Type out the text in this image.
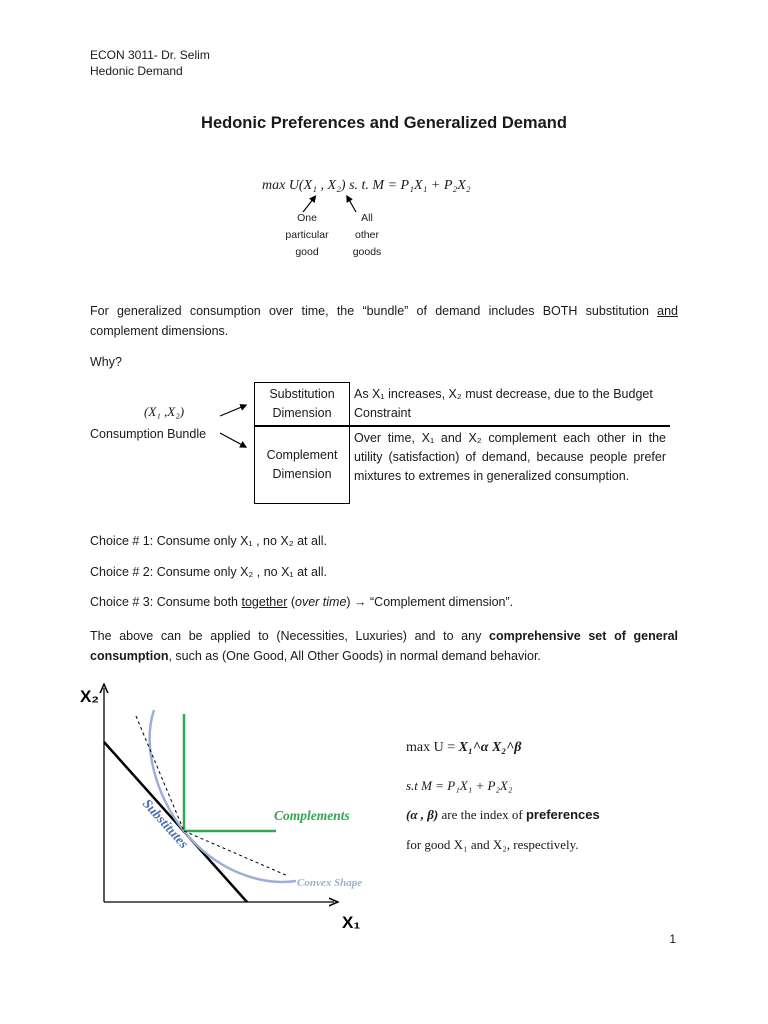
ECON 3011- Dr. Selim
Hedonic Demand
Hedonic Preferences and Generalized Demand
max U(X₁ , X₂) s. t. M = P₁X₁ + P₂X₂
One
particular
good
All
other
goods
For generalized consumption over time, the “bundle” of demand includes BOTH substitution and complement dimensions.
Why?
(X₁ ,X₂)
Consumption Bundle
Substitution Dimension	As X₁ increases, X₂ must decrease, due to the Budget Constraint
Complement Dimension	Over time, X₁ and X₂ complement each other in the utility (satisfaction) of demand, because people prefer mixtures to extremes in generalized consumption.
Choice # 1: Consume only X₁ , no X₂ at all.
Choice # 2: Consume only X₂ , no X₁ at all.
Choice # 3: Consume both together (over time) → “Complement dimension”.
The above can be applied to (Necessities, Luxuries) and to any comprehensive set of general consumption, such as (One Good, All Other Goods) in normal demand behavior.
X₂
X₁
Complements
Substitutes
Convex Shape
max U = X₁^α X₂^β
s.t M = P₁X₁ + P₂X₂
(α , β) are the index of preferences
for good X₁ and X₂, respectively.
1
